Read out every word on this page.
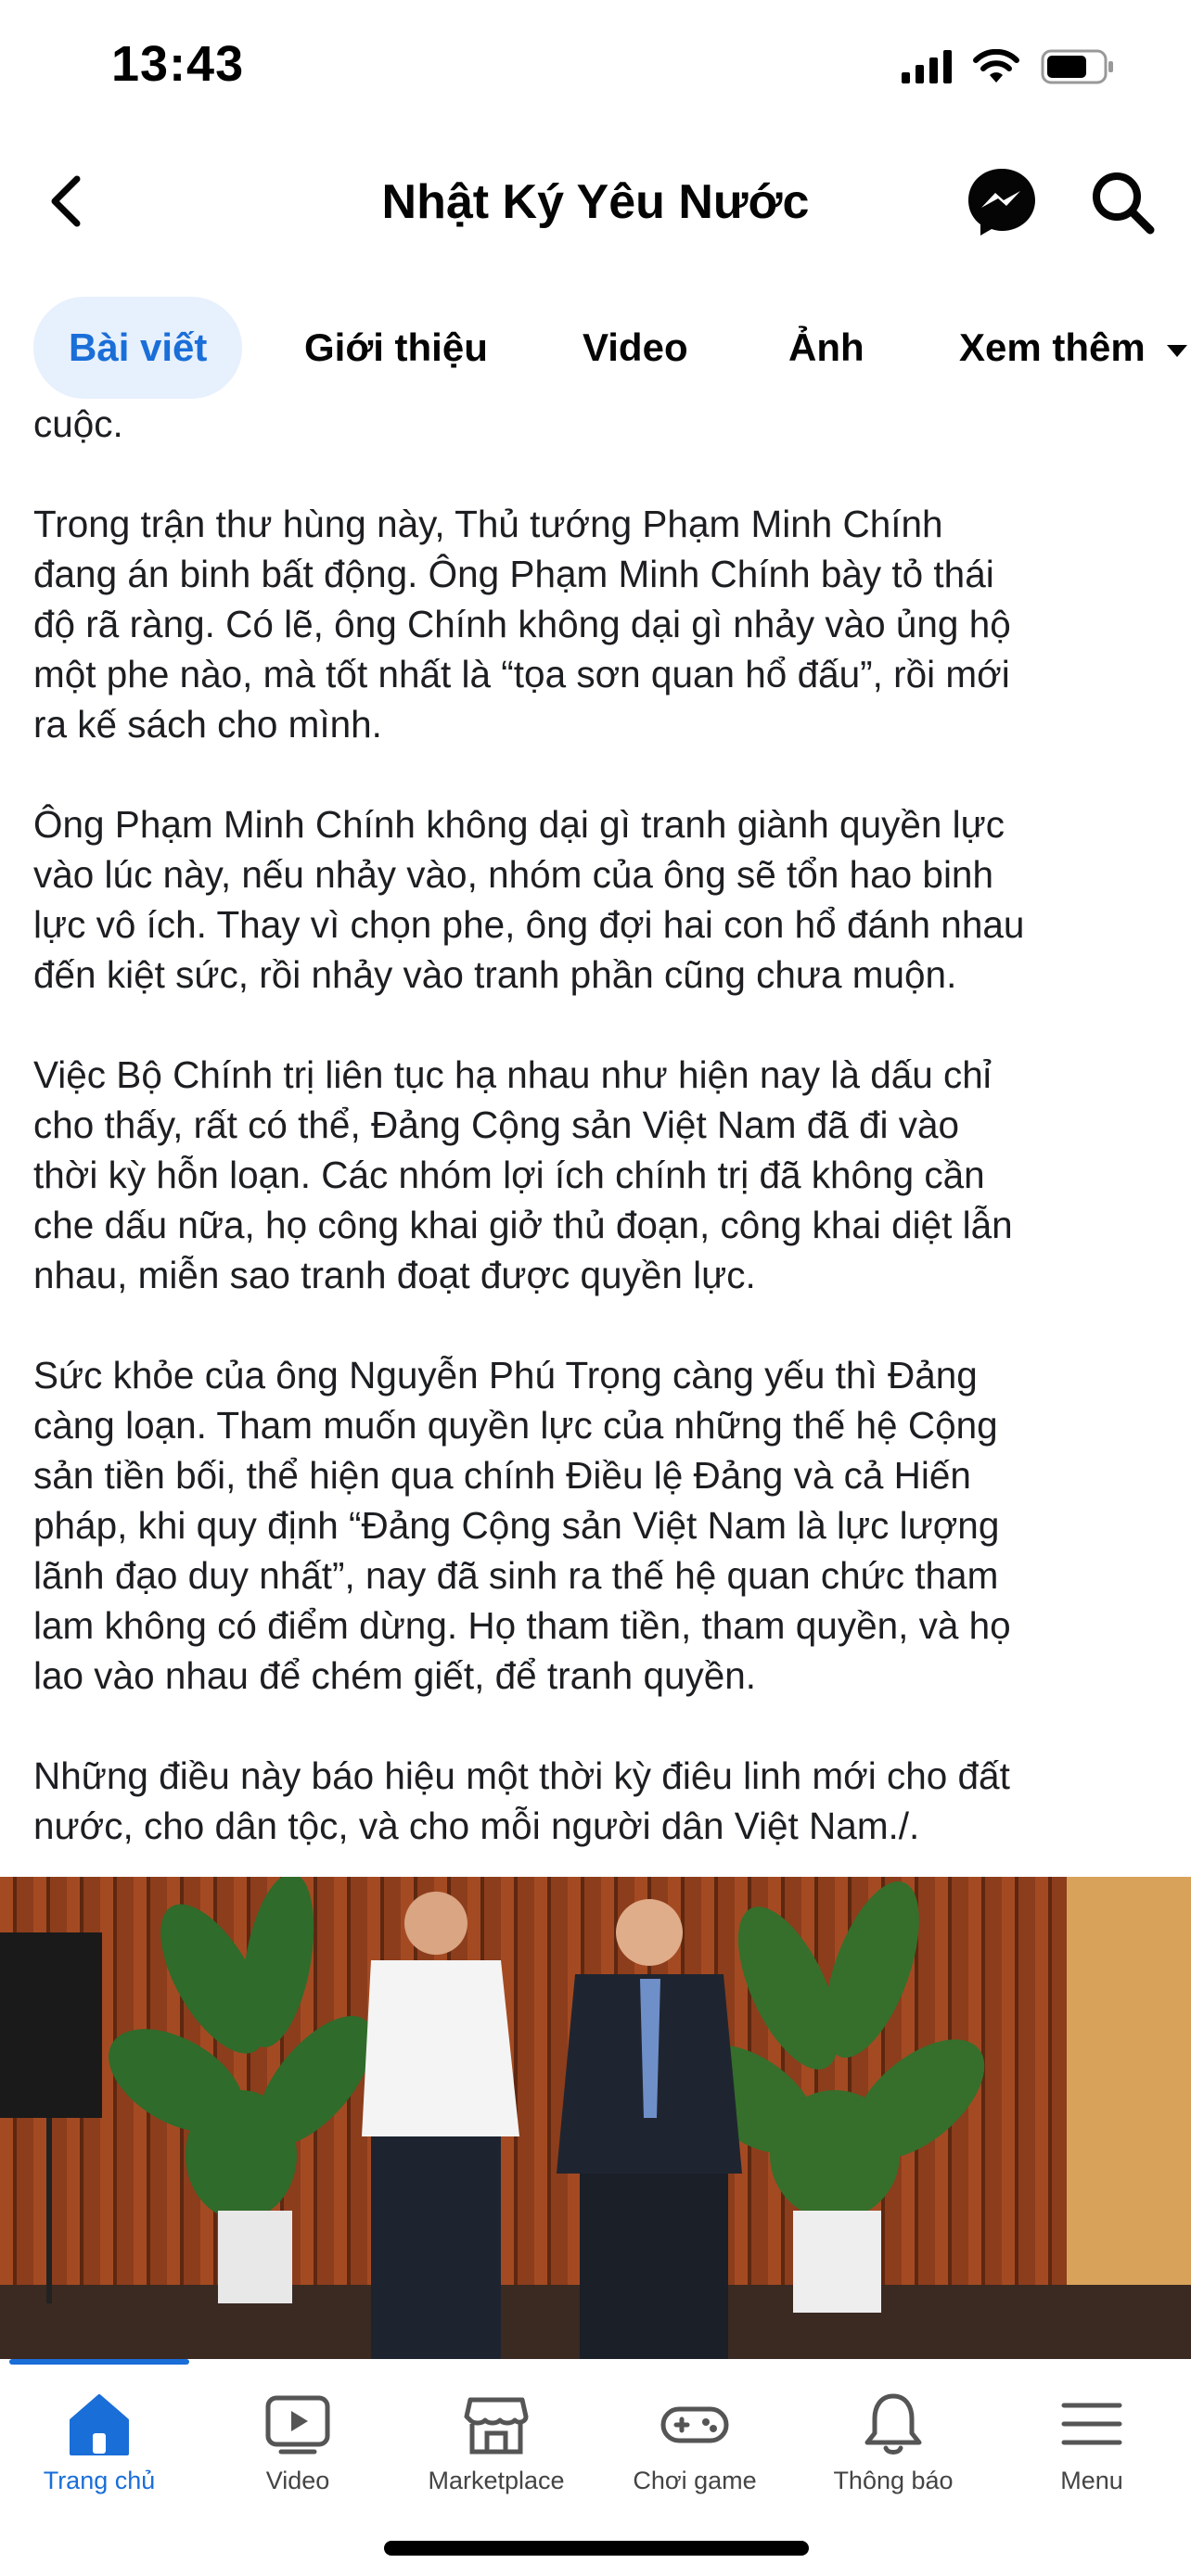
13:43
Nhật Ký Yêu Nước
Bài viết	Giới thiệu Video	Ảnh Xem thêm

cuộc.

Trong trận thư hùng này, Thủ tướng Phạm Minh Chính
đang án binh bất động. Ông Phạm Minh Chính bày tỏ thái
độ rã ràng. Có lẽ, ông Chính không dại gì nhảy vào ủng hộ
một phe nào, mà tốt nhất là “tọa sơn quan hổ đấu”, rồi mới
ra kế sách cho mình.

Ông Phạm Minh Chính không dại gì tranh giành quyền lực
vào lúc này, nếu nhảy vào, nhóm của ông sẽ tổn hao binh
lực vô ích. Thay vì chọn phe, ông đợi hai con hổ đánh nhau
đến kiệt sức, rồi nhảy vào tranh phần cũng chưa muộn.

Việc Bộ Chính trị liên tục hạ nhau như hiện nay là dấu chỉ
cho thấy, rất có thể, Đảng Cộng sản Việt Nam đã đi vào
thời kỳ hỗn loạn. Các nhóm lợi ích chính trị đã không cần
che dấu nữa, họ công khai giở thủ đoạn, công khai diệt lẫn
nhau, miễn sao tranh đoạt được quyền lực.

Sức khỏe của ông Nguyễn Phú Trọng càng yếu thì Đảng
càng loạn. Tham muốn quyền lực của những thế hệ Cộng
sản tiền bối, thể hiện qua chính Điều lệ Đảng và cả Hiến
pháp, khi quy định “Đảng Cộng sản Việt Nam là lực lượng
lãnh đạo duy nhất”, nay đã sinh ra thế hệ quan chức tham
lam không có điểm dừng. Họ tham tiền, tham quyền, và họ
lao vào nhau để chém giết, để tranh quyền.

Những điều này báo hiệu một thời kỳ điêu linh mới cho đất
nước, cho dân tộc, và cho mỗi người dân Việt Nam./.

Trang chủ	Video	Marketplace	Chơi game	Thông báo	Menu
